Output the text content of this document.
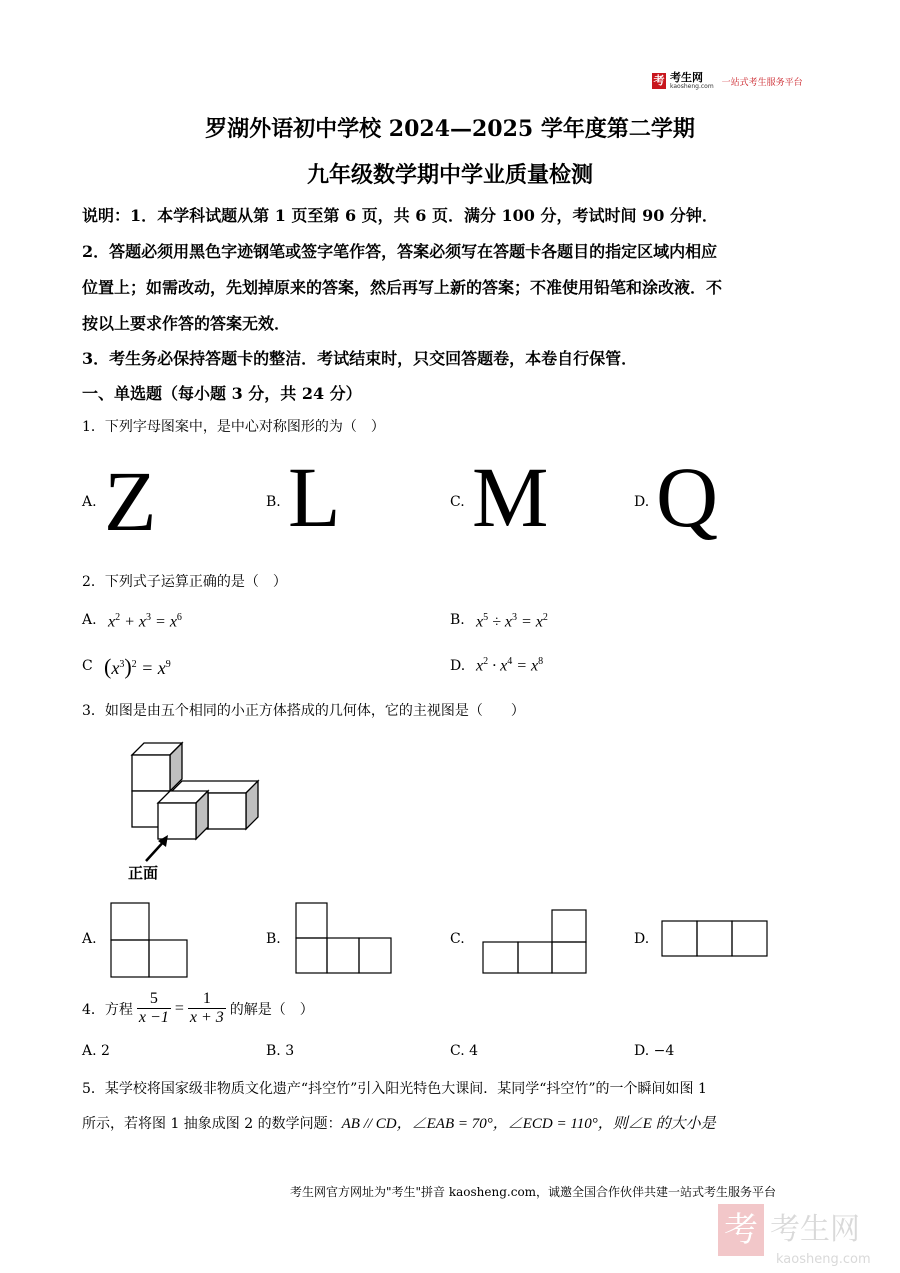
考 考生网
kaosheng.com 一站式考生服务平台
罗湖外语初中学校 2024—2025 学年度第二学期
九年级数学期中学业质量检测
说明：1．本学科试题从第 1 页至第 6 页，共 6 页．满分 100 分，考试时间 90 分钟．
2．答题必须用黑色字迹钢笔或签字笔作答，答案必须写在答题卡各题目的指定区域内相应
位置上；如需改动，先划掉原来的答案，然后再写上新的答案；不准使用铅笔和涂改液．不
按以上要求作答的答案无效．
3．考生务必保持答题卡的整洁．考试结束时，只交回答题卷，本卷自行保管．
一、单选题（每小题 3 分，共 24 分）
1．下列字母图案中，是中心对称图形的为（　）
A. Z	B. L	C. M	D. Q
2．下列式子运算正确的是（　）
A. $x^2 + x^3 = x^6$	B. $x^5 \div x^3 = x^2$
C $(x^3)^2 = x^9$	D. $x^2 \cdot x^4 = x^8$
3．如图是由五个相同的小正方体搭成的几何体，它的主视图是（　　）
正面
A.	B.	C.	D.
4．方程 $\frac{5}{x -1} = \frac{1}{x + 3}$ 的解是（　）
A. 2	B. 3	C. 4	D. −4
5．某学校将国家级非物质文化遗产“抖空竹”引入阳光特色大课间．某同学“抖空竹”的一个瞬间如图 1
所示，若将图 1 抽象成图 2 的数学问题：AB // CD，∠EAB = 70°，∠ECD = 110°，则∠E 的大小是
考生网官方网址为"考生"拼音 kaosheng.com，诚邀全国合作伙伴共建一站式考生服务平台
考 考生网
kaosheng.com
